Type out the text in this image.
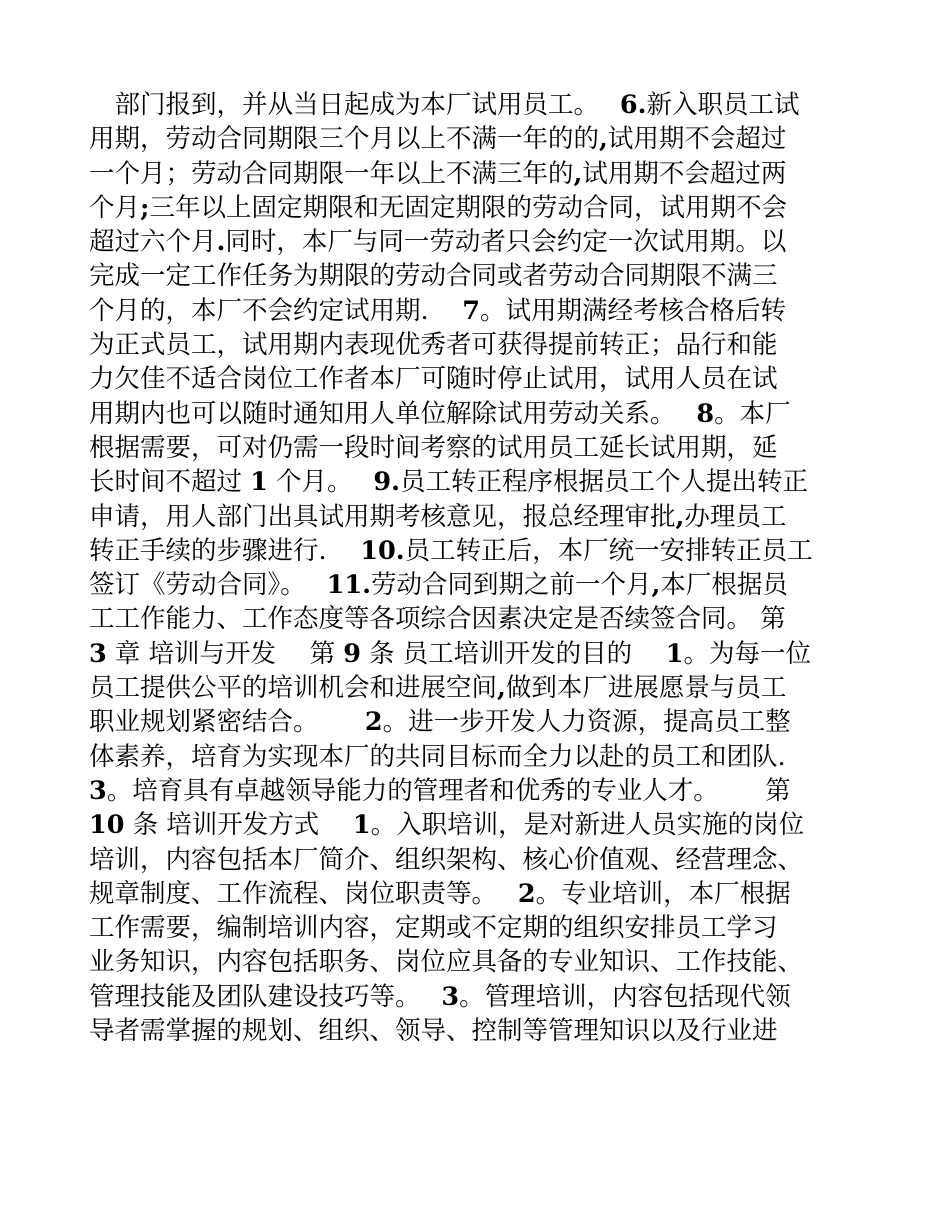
　部门报到，并从当日起成为本厂试用员工。　 6.新入职员工试
用期，劳动合同期限三个月以上不满一年的的,试用期不会超过
一个月；劳动合同期限一年以上不满三年的,试用期不会超过两
个月;三年以上固定期限和无固定期限的劳动合同，试用期不会
超过六个月.同时，本厂与同一劳动者只会约定一次试用期。以
完成一定工作任务为期限的劳动合同或者劳动合同期限不满三
个月的，本厂不会约定试用期.　 7。试用期满经考核合格后转
为正式员工，试用期内表现优秀者可获得提前转正；品行和能
力欠佳不适合岗位工作者本厂可随时停止试用，试用人员在试
用期内也可以随时通知用人单位解除试用劳动关系。　 8。本厂
根据需要，可对仍需一段时间考察的试用员工延长试用期，延
长时间不超过 1 个月。　 9.员工转正程序根据员工个人提出转正
申请，用人部门出具试用期考核意见，报总经理审批,办理员工
转正手续的步骤进行.　 10.员工转正后，本厂统一安排转正员工
签订《劳动合同》。　 11.劳动合同到期之前一个月,本厂根据员
工工作能力、工作态度等各项综合因素决定是否续签合同。 第
3 章 培训与开发　 第 9 条 员工培训开发的目的　 1。为每一位
员工提供公平的培训机会和进展空间,做到本厂进展愿景与员工
职业规划紧密结合。　　 2。进一步开发人力资源，提高员工整
体素养，培育为实现本厂的共同目标而全力以赴的员工和团队.
3。培育具有卓越领导能力的管理者和优秀的专业人才。　　 第
10 条 培训开发方式　 1。入职培训，是对新进人员实施的岗位
培训，内容包括本厂简介、组织架构、核心价值观、经营理念、
规章制度、工作流程、岗位职责等。　 2。专业培训，本厂根据
工作需要，编制培训内容，定期或不定期的组织安排员工学习
业务知识，内容包括职务、岗位应具备的专业知识、工作技能、
管理技能及团队建设技巧等。　 3。管理培训，内容包括现代领
导者需掌握的规划、组织、领导、控制等管理知识以及行业进
